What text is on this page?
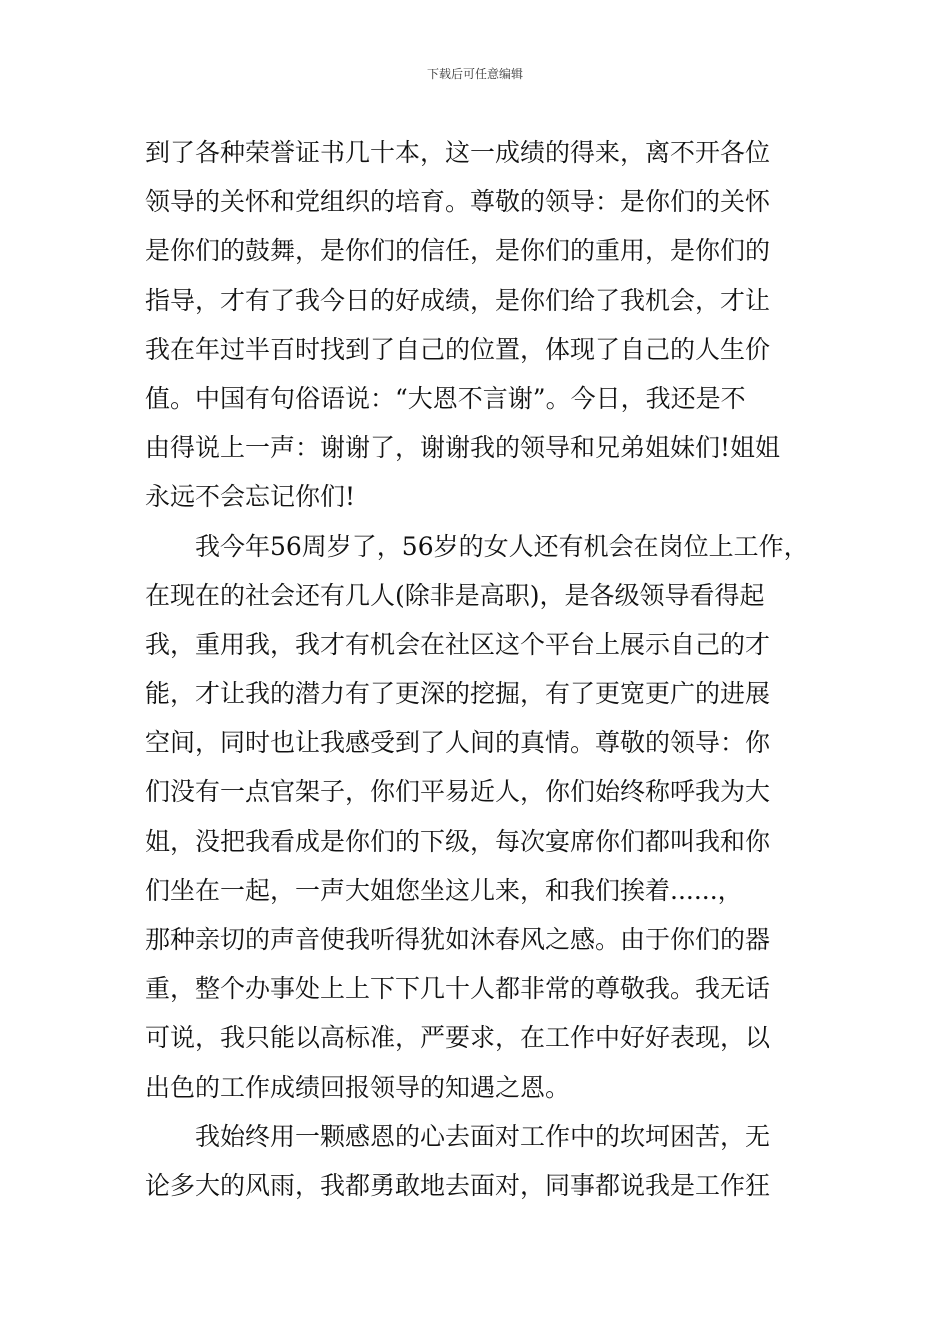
下载后可任意编辑
到了各种荣誉证书几十本，这一成绩的得来，离不开各位
领导的关怀和党组织的培育。尊敬的领导：是你们的关怀
是你们的鼓舞，是你们的信任，是你们的重用，是你们的
指导，才有了我今日的好成绩，是你们给了我机会，才让
我在年过半百时找到了自己的位置，体现了自己的人生价
值。中国有句俗语说：“大恩不言谢”。今日，我还是不
由得说上一声：谢谢了，谢谢我的领导和兄弟姐妹们!姐姐
永远不会忘记你们!
我今年56周岁了，56岁的女人还有机会在岗位上工作，
在现在的社会还有几人(除非是高职)，是各级领导看得起
我，重用我，我才有机会在社区这个平台上展示自己的才
能，才让我的潜力有了更深的挖掘，有了更宽更广的进展
空间，同时也让我感受到了人间的真情。尊敬的领导：你
们没有一点官架子，你们平易近人，你们始终称呼我为大
姐，没把我看成是你们的下级，每次宴席你们都叫我和你
们坐在一起，一声大姐您坐这儿来，和我们挨着......，
那种亲切的声音使我听得犹如沐春风之感。由于你们的器
重，整个办事处上上下下几十人都非常的尊敬我。我无话
可说，我只能以高标准，严要求，在工作中好好表现，以
出色的工作成绩回报领导的知遇之恩。
我始终用一颗感恩的心去面对工作中的坎坷困苦，无
论多大的风雨，我都勇敢地去面对，同事都说我是工作狂
